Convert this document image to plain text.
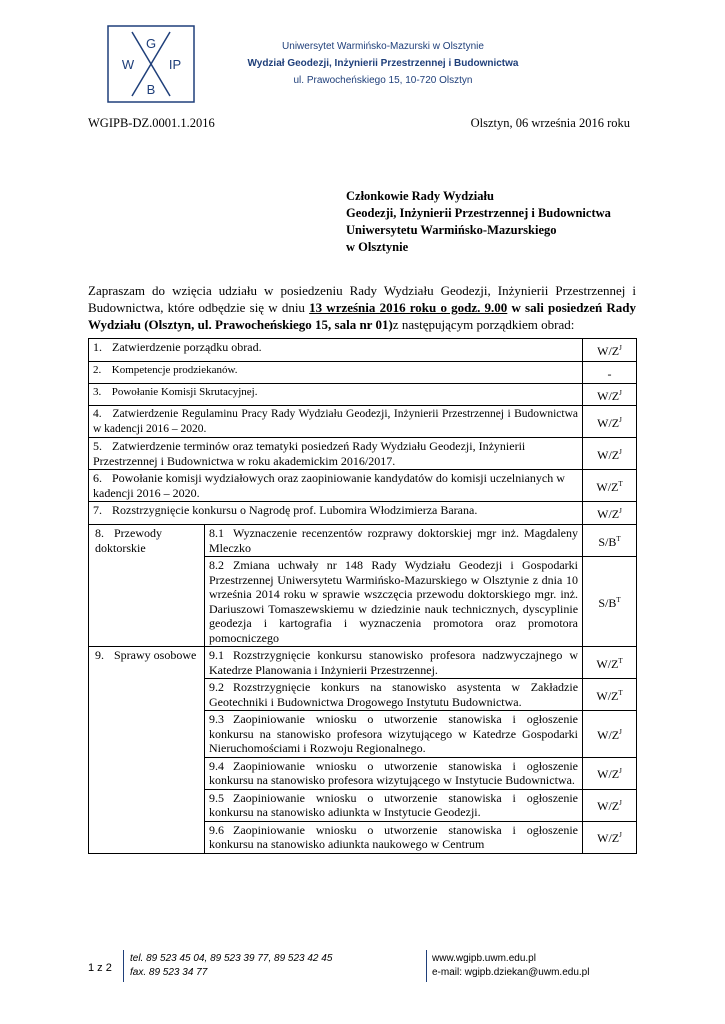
G
W	IP
B
Uniwersytet Warmińsko-Mazurski w Olsztynie
Wydział Geodezji, Inżynierii Przestrzennej i Budownictwa
ul. Prawocheńskiego 15, 10-720 Olsztyn
WGIPB-DZ.0001.1.2016	Olsztyn, 06 września 2016 roku
Członkowie Rady Wydziału
Geodezji, Inżynierii Przestrzennej i Budownictwa
Uniwersytetu Warmińsko-Mazurskiego
w Olsztynie
Zapraszam do wzięcia udziału w posiedzeniu Rady Wydziału Geodezji, Inżynierii Przestrzennej i Budownictwa, które odbędzie się w dniu 13 września 2016 roku o godz. 9.00 w sali posiedzeń Rady Wydziału (Olsztyn, ul. Prawocheńskiego 15, sala nr 01)z następującym porządkiem obrad:
1. Zatwierdzenie porządku obrad.		$W/Z^J$
2. Kompetencje prodziekanów.		-
3. Powołanie Komisji Skrutacyjnej.		$W/Z^J$
4. Zatwierdzenie Regulaminu Pracy Rady Wydziału Geodezji, Inżynierii Przestrzennej i Budownictwa w kadencji 2016 – 2020.		$W/Z^J$
5. Zatwierdzenie terminów oraz tematyki posiedzeń Rady Wydziału Geodezji, Inżynierii Przestrzennej i Budownictwa w roku akademickim 2016/2017.		$W/Z^J$
6. Powołanie komisji wydziałowych oraz zaopiniowanie kandydatów do komisji uczelnianych w kadencji 2016 – 2020.		$W/Z^T$
7. Rozstrzygnięcie konkursu o Nagrodę prof. Lubomira Włodzimierza Barana.		$W/Z^J$
8. Przewody doktorskie	8.1 Wyznaczenie recenzentów rozprawy doktorskiej mgr inż. Magdaleny Mleczko	$S/B^T$
	8.2 Zmiana uchwały nr 148 Rady Wydziału Geodezji i Gospodarki Przestrzennej Uniwersytetu Warmińsko-Mazurskiego w Olsztynie z dnia 10 września 2014 roku w sprawie wszczęcia przewodu doktorskiego mgr. inż. Dariuszowi Tomaszewskiemu w dziedzinie nauk technicznych, dyscyplinie geodezja i kartografia i wyznaczenia promotora oraz promotora pomocniczego	$S/B^T$
9. Sprawy osobowe	9.1 Rozstrzygnięcie konkursu stanowisko profesora nadzwyczajnego w Katedrze Planowania i Inżynierii Przestrzennej.	$W/Z^T$
	9.2 Rozstrzygnięcie konkurs na stanowisko asystenta w Zakładzie Geotechniki i Budownictwa Drogowego Instytutu Budownictwa.	$W/Z^T$
	9.3 Zaopiniowanie wniosku o utworzenie stanowiska i ogłoszenie konkursu na stanowisko profesora wizytującego w Katedrze Gospodarki Nieruchomościami i Rozwoju Regionalnego.	$W/Z^J$
	9.4 Zaopiniowanie wniosku o utworzenie stanowiska i ogłoszenie konkursu na stanowisko profesora wizytującego w Instytucie Budownictwa.	$W/Z^J$
	9.5 Zaopiniowanie wniosku o utworzenie stanowiska i ogłoszenie konkursu na stanowisko adiunkta w Instytucie Geodezji.	$W/Z^J$
	9.6 Zaopiniowanie wniosku o utworzenie stanowiska i ogłoszenie konkursu na stanowisko adiunkta naukowego w Centrum	$W/Z^J$
1 z 2
tel. 89 523 45 04, 89 523 39 77, 89 523 42 45
fax. 89 523 34 77
www.wgipb.uwm.edu.pl
e-mail: wgipb.dziekan@uwm.edu.pl
